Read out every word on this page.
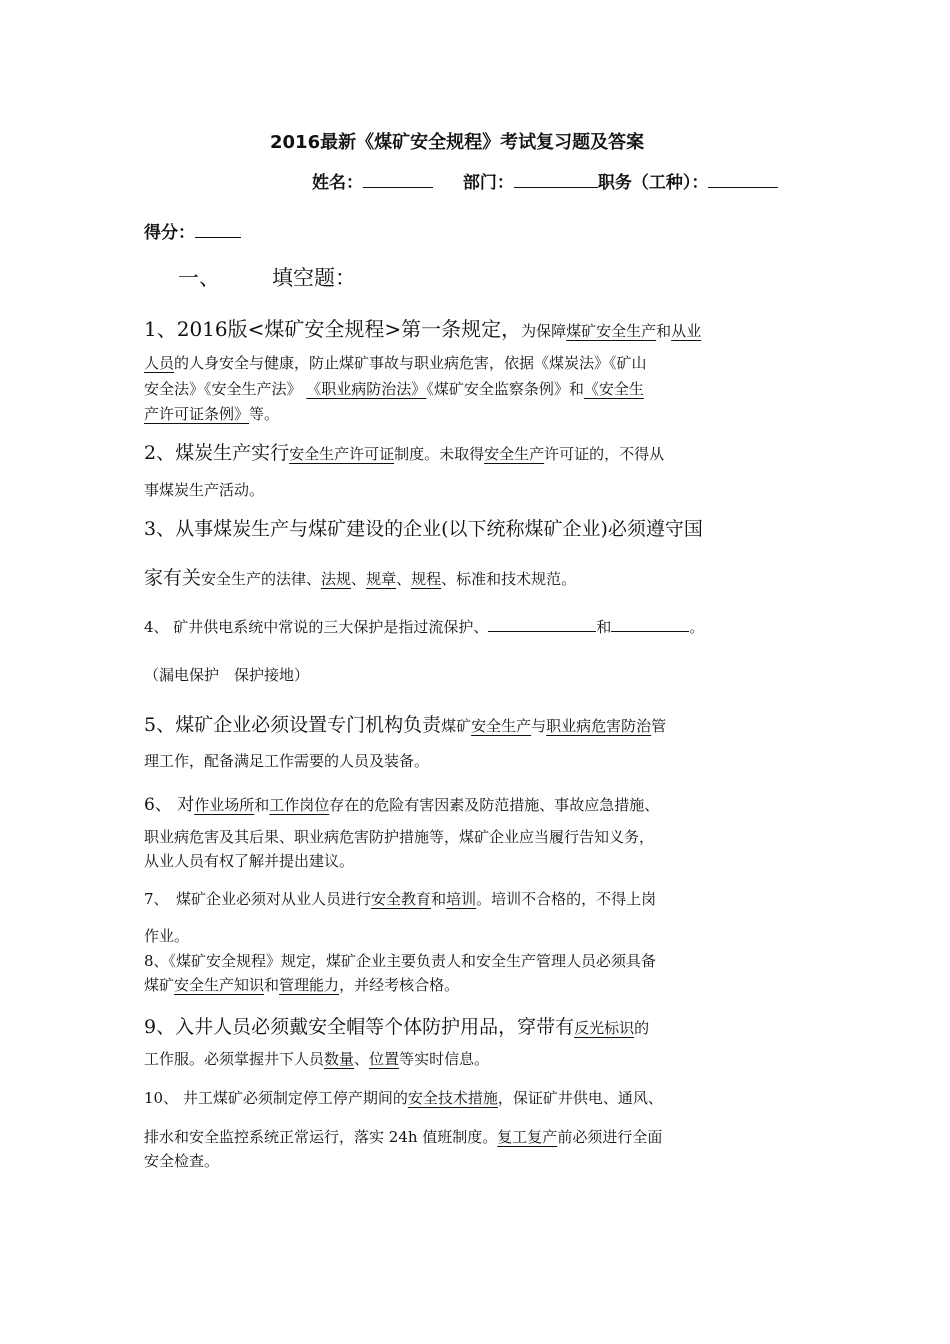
2016最新《煤矿安全规程》考试复习题及答案
姓名：	部门：	职务（工种）：
得分：
一、 填空题：
1、2016版<煤矿安全规程>第一条规定，为保障煤矿安全生产和从业
人员的人身安全与健康，防止煤矿事故与职业病危害，依据《煤炭法》《矿山
安全法》《安全生产法》 《职业病防治法》《煤矿安全监察条例》和《安全生
产许可证条例》等。
2、煤炭生产实行安全生产许可证制度。未取得安全生产许可证的，不得从
事煤炭生产活动。
3、从事煤炭生产与煤矿建设的企业(以下统称煤矿企业)必须遵守国
家有关安全生产的法律、法规、规章、规程、标准和技术规范。
4、 矿井供电系统中常说的三大保护是指过流保护、	和	。
（漏电保护　保护接地）
5、煤矿企业必须设置专门机构负责煤矿安全生产与职业病危害防治管
理工作，配备满足工作需要的人员及装备。
6、 对作业场所和工作岗位存在的危险有害因素及防范措施、事故应急措施、
职业病危害及其后果、职业病危害防护措施等，煤矿企业应当履行告知义务，
从业人员有权了解并提出建议。
7、　煤矿企业必须对从业人员进行安全教育和培训。培训不合格的，不得上岗
作业。
8、《煤矿安全规程》规定，煤矿企业主要负责人和安全生产管理人员必须具备
煤矿安全生产知识和管理能力，并经考核合格。
9、入井人员必须戴安全帽等个体防护用品，穿带有反光标识的
工作服。必须掌握井下人员数量、位置等实时信息。
10、 井工煤矿必须制定停工停产期间的安全技术措施，保证矿井供电、通风、
排水和安全监控系统正常运行，落实 24h 值班制度。复工复产前必须进行全面
安全检查。
